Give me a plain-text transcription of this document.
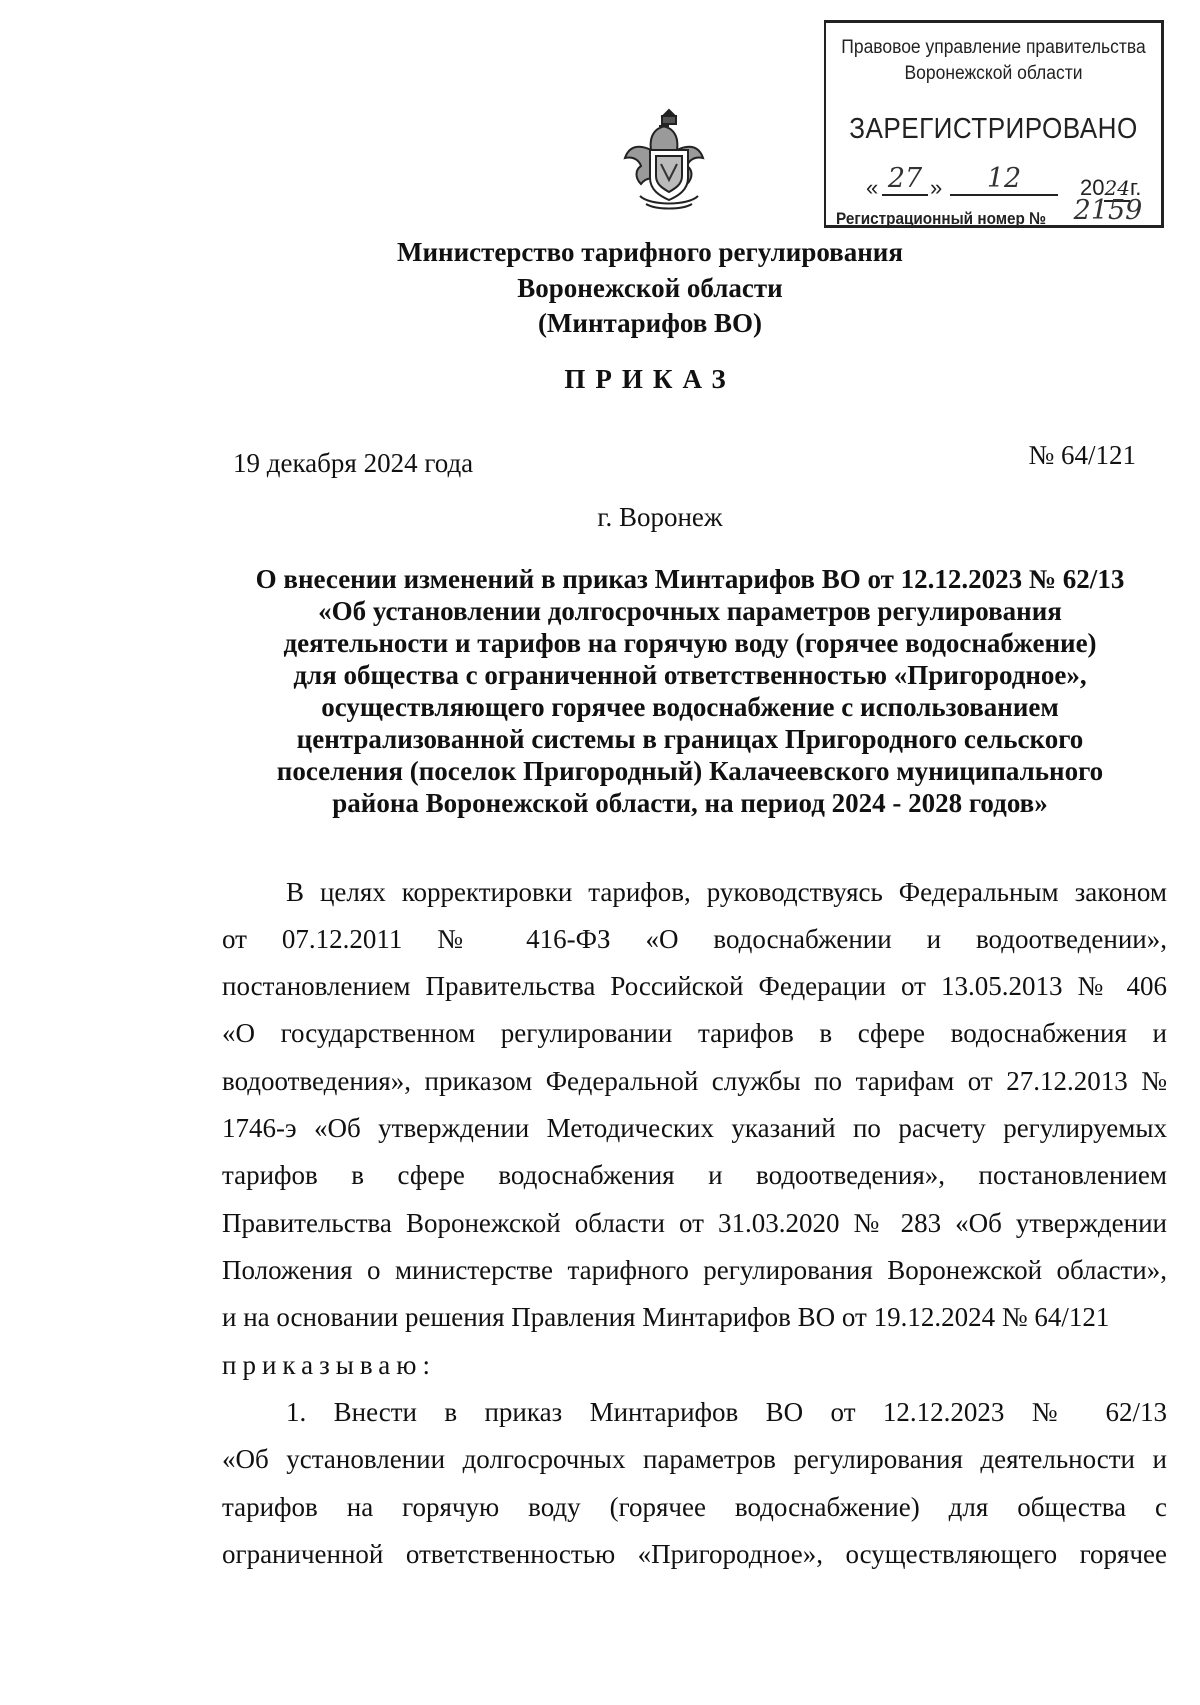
Правовое управление правительства
Воронежской области
ЗАРЕГИСТРИРОВАНО
« 27 »	12	2024г.
Регистрационный номер №	2159
Министерство тарифного регулирования
Воронежской области
(Минтарифов ВО)
ПРИКАЗ
19 декабря 2024 года	№ 64/121
г. Воронеж
О внесении изменений в приказ Минтарифов ВО от 12.12.2023 № 62/13
«Об установлении долгосрочных параметров регулирования
деятельности и тарифов на горячую воду (горячее водоснабжение)
для общества с ограниченной ответственностью «Пригородное»,
осуществляющего горячее водоснабжение с использованием
централизованной системы в границах Пригородного сельского
поселения (поселок Пригородный) Калачеевского муниципального
района Воронежской области, на период 2024 - 2028 годов»
В целях корректировки тарифов, руководствуясь Федеральным законом
от 07.12.2011 № 416-ФЗ «О водоснабжении и водоотведении»,
постановлением Правительства Российской Федерации от 13.05.2013 № 406
«О государственном регулировании тарифов в сфере водоснабжения и
водоотведения», приказом Федеральной службы по тарифам от 27.12.2013 №
1746-э «Об утверждении Методических указаний по расчету регулируемых
тарифов в сфере водоснабжения и водоотведения», постановлением
Правительства Воронежской области от 31.03.2020 № 283 «Об утверждении
Положения о министерстве тарифного регулирования Воронежской области»,
и на основании решения Правления Минтарифов ВО от 19.12.2024 № 64/121
приказываю:
1. Внести в приказ Минтарифов ВО от 12.12.2023 № 62/13
«Об установлении долгосрочных параметров регулирования деятельности и
тарифов на горячую воду (горячее водоснабжение) для общества с
ограниченной ответственностью «Пригородное», осуществляющего горячее
